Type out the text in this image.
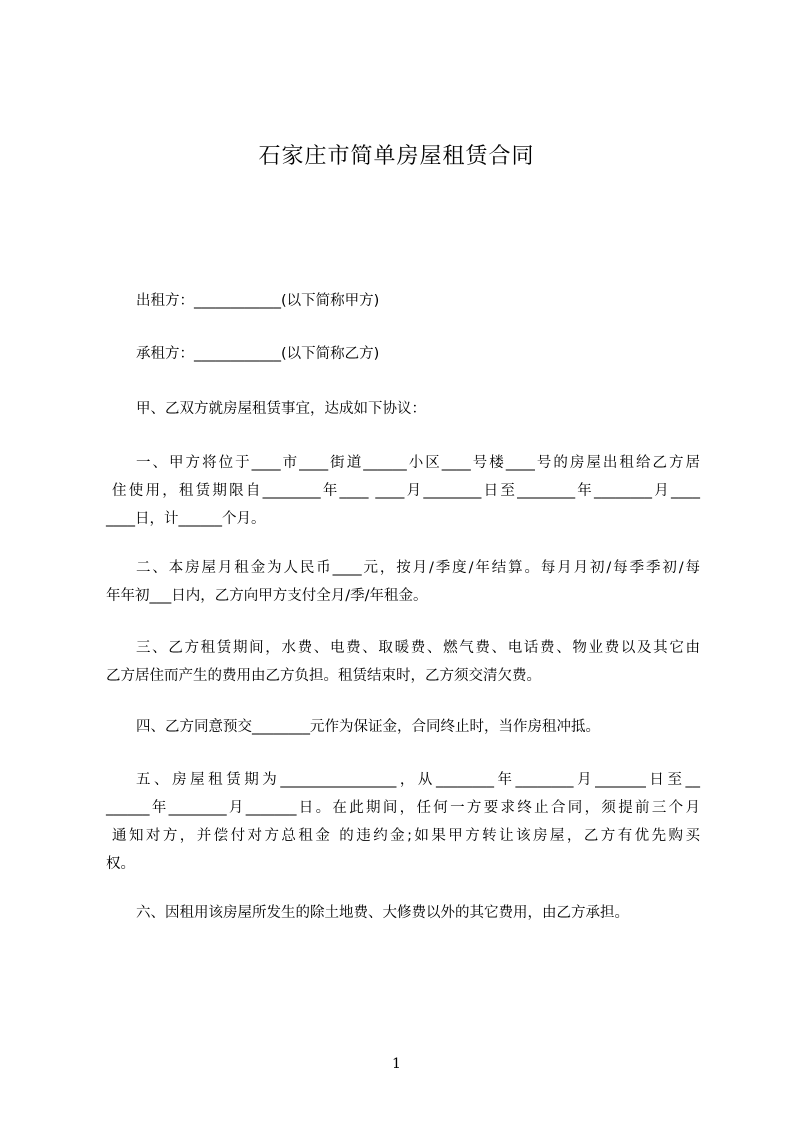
石家庄市简单房屋租赁合同
出租方：____________(以下简称甲方)
承租方：____________(以下简称乙方)
甲、乙双方就房屋租赁事宜，达成如下协议：
一、甲方将位于____市____街道______小区____号楼____号的房屋出租给乙方居
住使用，租赁期限自________年____ ____月________日至________年________月____
____日，计______个月。
二、本房屋月租金为人民币____元，按月/季度/年结算。每月月初/每季季初/每
年年初___日内，乙方向甲方支付全月/季/年租金。
三、乙方租赁期间，水费、电费、取暖费、燃气费、电话费、物业费以及其它由
乙方居住而产生的费用由乙方负担。租赁结束时，乙方须交清欠费。
四、乙方同意预交________元作为保证金，合同终止时，当作房租冲抵。
五、房屋租赁期为________________，从________年________月_______日至__
______年________月_______日。在此期间，任何一方要求终止合同，须提前三个月
通知对方，并偿付对方总租金 的违约金;如果甲方转让该房屋，乙方有优先购买
权。
六、因租用该房屋所发生的除土地费、大修费以外的其它费用，由乙方承担。
1
